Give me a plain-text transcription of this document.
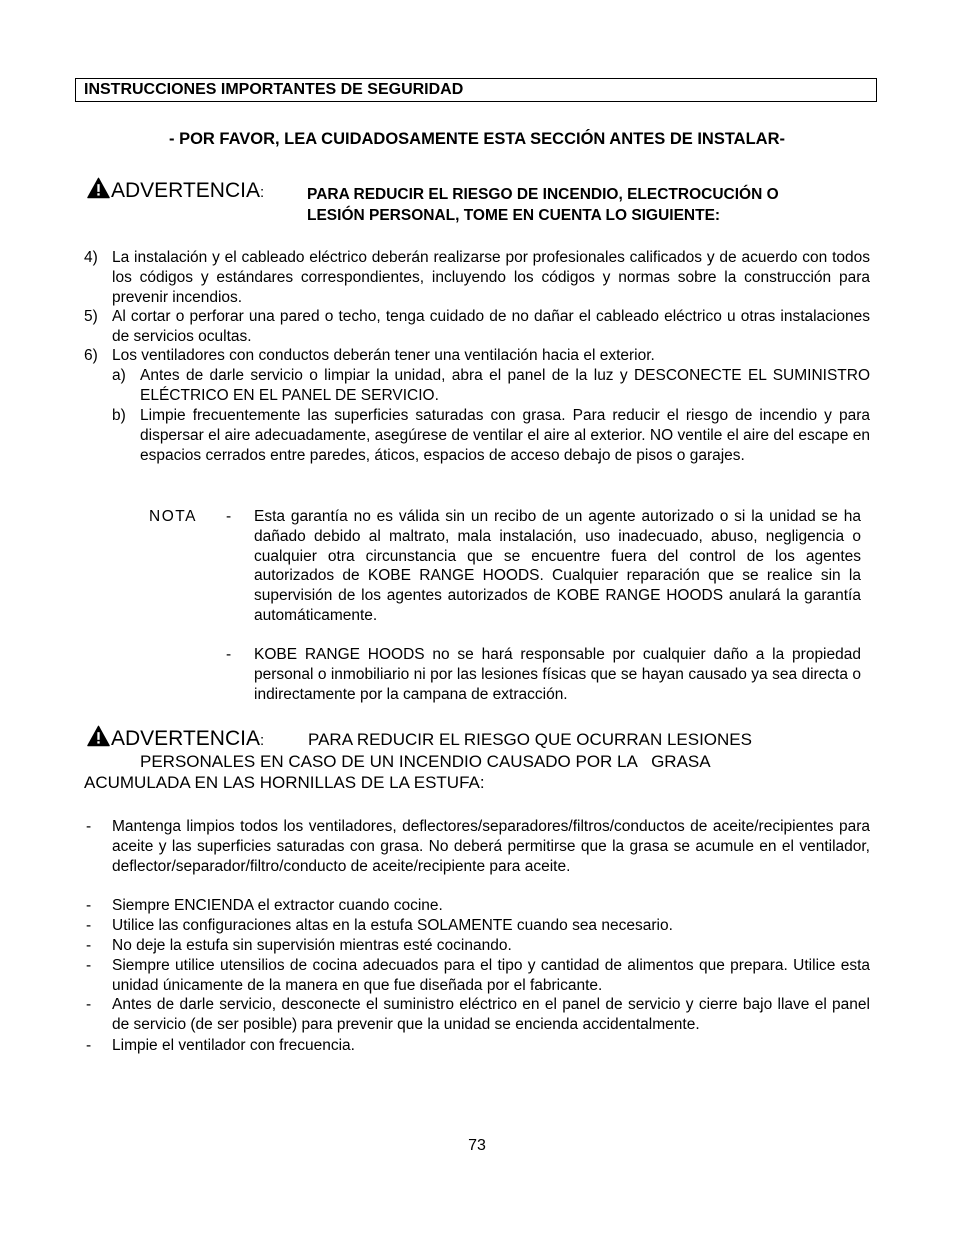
INSTRUCCIONES IMPORTANTES DE SEGURIDAD
- POR FAVOR, LEA CUIDADOSAMENTE ESTA SECCIÓN ANTES DE INSTALAR-
ADVERTENCIA:	PARA REDUCIR EL RIESGO DE INCENDIO, ELECTROCUCIÓN O
LESIÓN PERSONAL, TOME EN CUENTA LO SIGUIENTE:
4) La instalación y el cableado eléctrico deberán realizarse por profesionales calificados y de acuerdo con todos los códigos y estándares correspondientes, incluyendo los códigos y normas sobre la construcción para prevenir incendios.
5) Al cortar o perforar una pared o techo, tenga cuidado de no dañar el cableado eléctrico u otras instalaciones de servicios ocultas.
6) Los ventiladores con conductos deberán tener una ventilación hacia el exterior.
a) Antes de darle servicio o limpiar la unidad, abra el panel de la luz y DESCONECTE EL SUMINISTRO ELÉCTRICO EN EL PANEL DE SERVICIO.
b) Limpie frecuentemente las superficies saturadas con grasa. Para reducir el riesgo de incendio y para dispersar el aire adecuadamente, asegúrese de ventilar el aire al exterior. NO ventile el aire del escape en espacios cerrados entre paredes, áticos, espacios de acceso debajo de pisos o garajes.
NOTA - Esta garantía no es válida sin un recibo de un agente autorizado o si la unidad se ha dañado debido al maltrato, mala instalación, uso inadecuado, abuso, negligencia o cualquier otra circunstancia que se encuentre fuera del control de los agentes autorizados de KOBE RANGE HOODS. Cualquier reparación que se realice sin la supervisión de los agentes autorizados de KOBE RANGE HOODS anulará la garantía automáticamente.
- KOBE RANGE HOODS no se hará responsable por cualquier daño a la propiedad personal o inmobiliario ni por las lesiones físicas que se hayan causado ya sea directa o indirectamente por la campana de extracción.
ADVERTENCIA:	PARA REDUCIR EL RIESGO QUE OCURRAN LESIONES
PERSONALES EN CASO DE UN INCENDIO CAUSADO POR LA   GRASA
ACUMULADA EN LAS HORNILLAS DE LA ESTUFA:
- Mantenga limpios todos los ventiladores, deflectores/separadores/filtros/conductos de aceite/recipientes para aceite y las superficies saturadas con grasa. No deberá permitirse que la grasa se acumule en el ventilador, deflector/separador/filtro/conducto de aceite/recipiente para aceite.
- Siempre ENCIENDA el extractor cuando cocine.
- Utilice las configuraciones altas en la estufa SOLAMENTE cuando sea necesario.
- No deje la estufa sin supervisión mientras esté cocinando.
- Siempre utilice utensilios de cocina adecuados para el tipo y cantidad de alimentos que prepara. Utilice esta unidad únicamente de la manera en que fue diseñada por el fabricante.
- Antes de darle servicio, desconecte el suministro eléctrico en el panel de servicio y cierre bajo llave el panel de servicio (de ser posible) para prevenir que la unidad se encienda accidentalmente.
- Limpie el ventilador con frecuencia.
73
